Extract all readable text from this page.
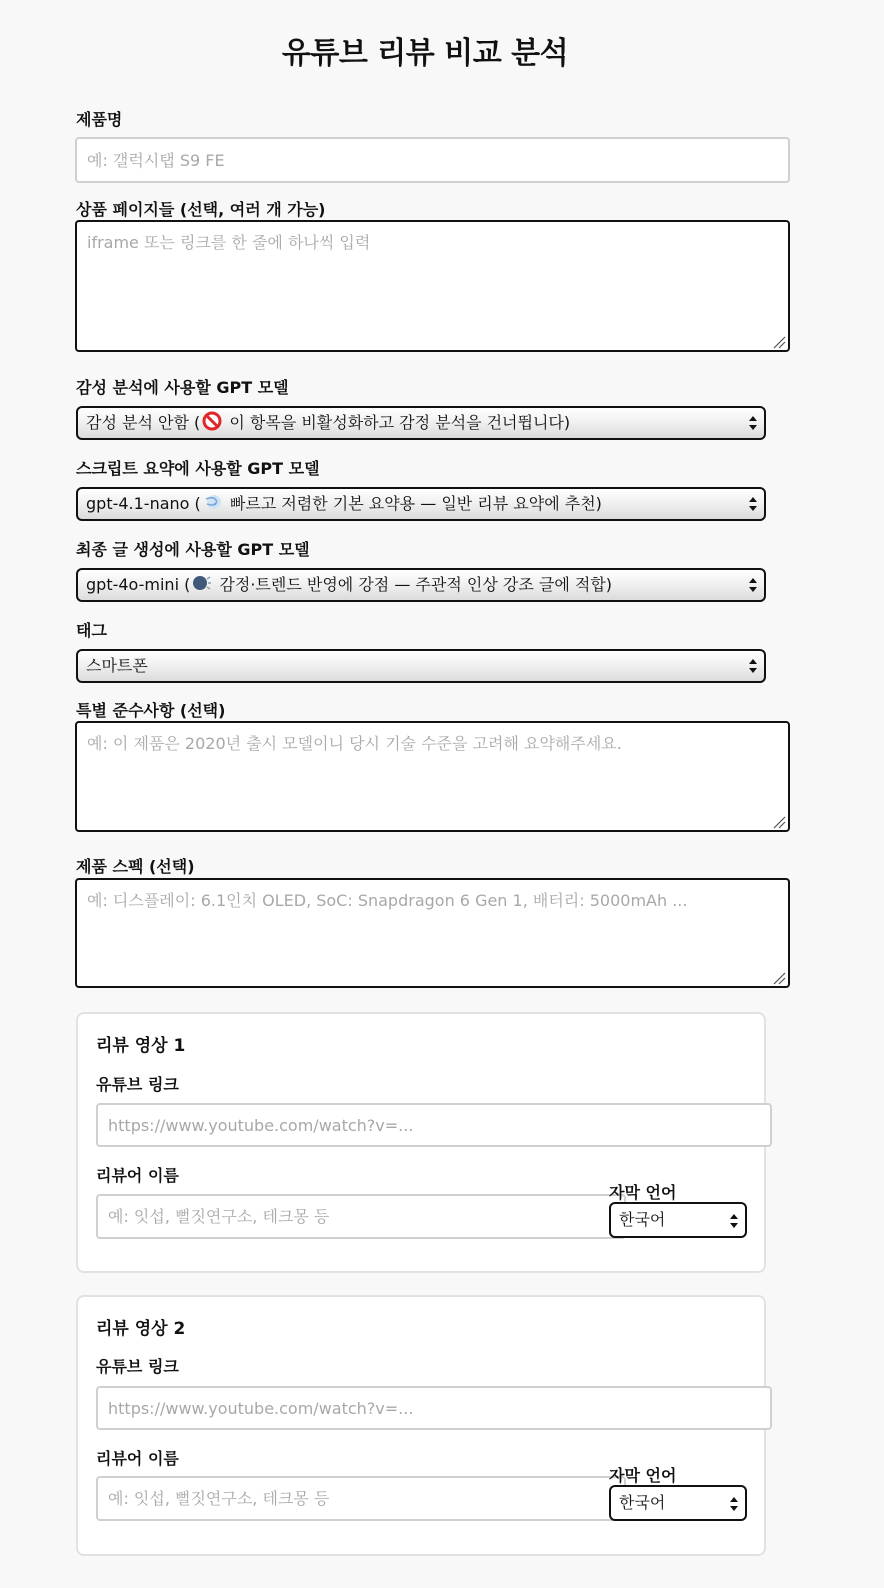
유튜브 리뷰 비교 분석
제품명
예: 갤럭시탭 S9 FE
상품 페이지들 (선택, 여러 개 가능)
iframe 또는 링크를 한 줄에 하나씩 입력
감성 분석에 사용할 GPT 모델
감성 분석 안함 ( 이 항목을 비활성화하고 감정 분석을 건너뜁니다)
스크립트 요약에 사용할 GPT 모델
gpt-4.1-nano ( 빠르고 저렴한 기본 요약용 — 일반 리뷰 요약에 추천)
최종 글 생성에 사용할 GPT 모델
gpt-4o-mini ( 감정·트렌드 반영에 강점 — 주관적 인상 강조 글에 적합)
태그
스마트폰
특별 준수사항 (선택)
예: 이 제품은 2020년 출시 모델이니 당시 기술 수준을 고려해 요약해주세요.
제품 스펙 (선택)
예: 디스플레이: 6.1인치 OLED, SoC: Snapdragon 6 Gen 1, 배터리: 5000mAh ...
리뷰 영상 1
유튜브 링크
https://www.youtube.com/watch?v=...
리뷰어 이름
예: 잇섭, 뻘짓연구소, 테크몽 등
자막 언어
한국어
리뷰 영상 2
유튜브 링크
https://www.youtube.com/watch?v=...
리뷰어 이름
예: 잇섭, 뻘짓연구소, 테크몽 등
자막 언어
한국어
